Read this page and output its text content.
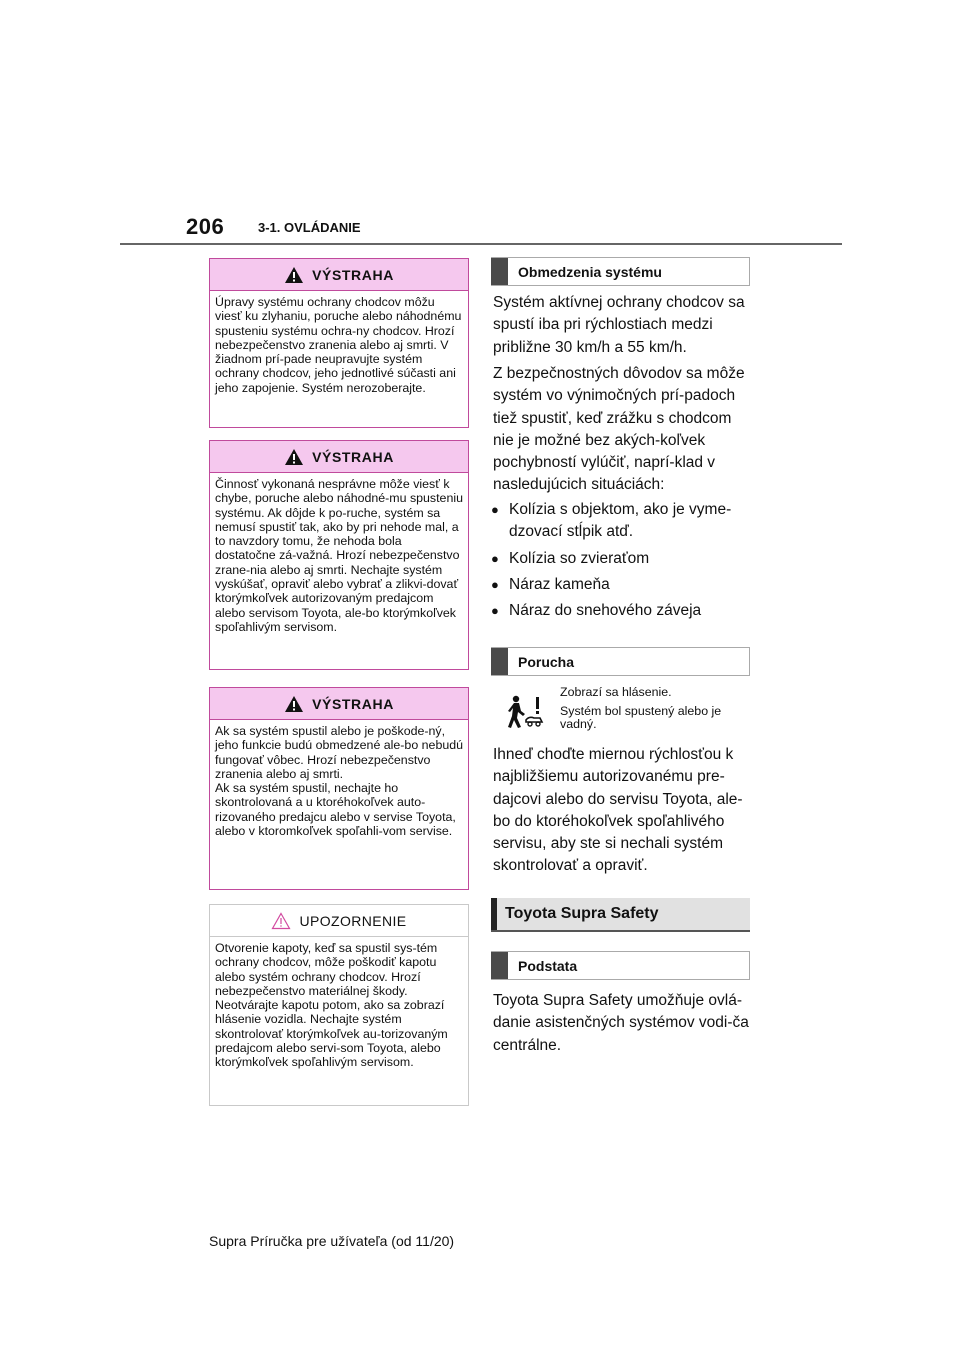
206	3-1. OVLÁDANIE
VÝSTRAHA
Úpravy systému ochrany chodcov môžu viesť ku zlyhaniu, poruche alebo náhodnému spusteniu systému ochra-ny chodcov. Hrozí nebezpečenstvo zranenia alebo aj smrti. V žiadnom prí-pade neupravujte systém ochrany chodcov, jeho jednotlivé súčasti ani jeho zapojenie. Systém nerozoberajte.
VÝSTRAHA
Činnosť vykonaná nesprávne môže viesť k chybe, poruche alebo náhodné-mu spusteniu systému. Ak dôjde k po-ruche, systém sa nemusí spustiť tak, ako by pri nehode mal, a to navzdory tomu, že nehoda bola dostatočne zá-važná. Hrozí nebezpečenstvo zrane-nia alebo aj smrti. Nechajte systém vyskúšať, opraviť alebo vybrať a zlikvi-dovať ktorýmkoľvek autorizovaným predajcom alebo servisom Toyota, ale-bo ktorýmkoľvek spoľahlivým servisom.
VÝSTRAHA
Ak sa systém spustil alebo je poškode-ný, jeho funkcie budú obmedzené ale-bo nebudú fungovať vôbec. Hrozí nebezpečenstvo zranenia alebo aj smrti.
Ak sa systém spustil, nechajte ho skontrolovaná a u ktoréhokoľvek auto-rizovaného predajcu alebo v servise Toyota, alebo v ktoromkoľvek spoľahli-vom servise.
UPOZORNENIE
Otvorenie kapoty, keď sa spustil sys-tém ochrany chodcov, môže poškodiť kapotu alebo systém ochrany chodcov. Hrozí nebezpečenstvo materiálnej škody. Neotvárajte kapotu potom, ako sa zobrazí hlásenie vozidla. Nechajte systém skontrolovať ktorýmkoľvek au-torizovaným predajcom alebo servi-som Toyota, alebo ktorýmkoľvek spoľahlivým servisom.
Obmedzenia systému

Systém aktívnej ochrany chodcov sa spustí iba pri rýchlostiach medzi približne 30 km/h a 55 km/h.

Z bezpečnostných dôvodov sa môže systém vo výnimočných prí-padoch tiež spustiť, keď zrážku s chodcom nie je možné bez akých-koľvek pochybností vylúčiť, naprí-klad v nasledujúcich situáciách:

● Kolízia s objektom, ako je vyme-dzovací stĺpik atď.
● Kolízia so zvieraťom
● Náraz kameňa
● Náraz do snehového záveja
Porucha
Zobrazí sa hlásenie.
Systém bol spustený alebo je vadný.

Ihneď choďte miernou rýchlosťou k najbližšiemu autorizovanému pre-dajcovi alebo do servisu Toyota, ale-bo do ktoréhokoľvek spoľahlivého servisu, aby ste si nechali systém skontrolovať a opraviť.

Toyota Supra Safety
Podstata

Toyota Supra Safety umožňuje ovlá-danie asistenčných systémov vodi-ča centrálne.

Supra Príručka pre užívateľa (od 11/20)
